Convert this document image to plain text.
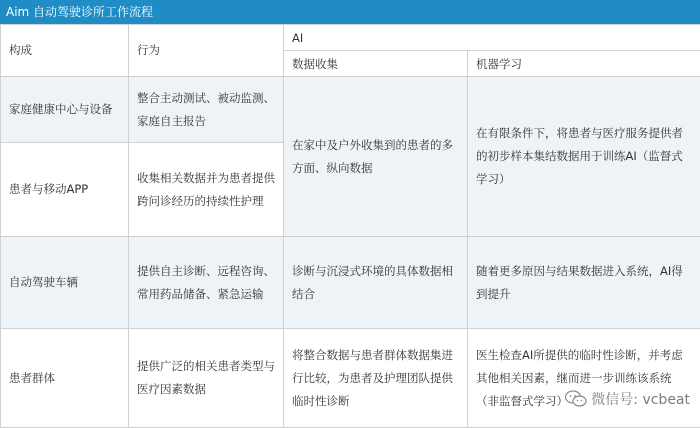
Aim 自动驾驶诊所工作流程
构成	行为	AI	
		数据收集	机器学习
家庭健康中心与设备	整合主动测试、被动监测、家庭自主报告	在家中及户外收集到的患者的多方面、纵向数据	在有限条件下，将患者与医疗服务提供者的初步样本集结数据用于训练AI（监督式学习）
患者与移动APP	收集相关数据并为患者提供跨问诊经历的持续性护理		
自动驾驶车辆	提供自主诊断、远程咨询、常用药品储备、紧急运输	诊断与沉浸式环境的具体数据相结合	随着更多原因与结果数据进入系统，AI得到提升
患者群体	提供广泛的相关患者类型与医疗因素数据	将整合数据与患者群体数据集进行比较，为患者及护理团队提供临时性诊断	医生检查AI所提供的临时性诊断，并考虑其他相关因素，继而进一步训练该系统（非监督式学习） 微信号: vcbeat
